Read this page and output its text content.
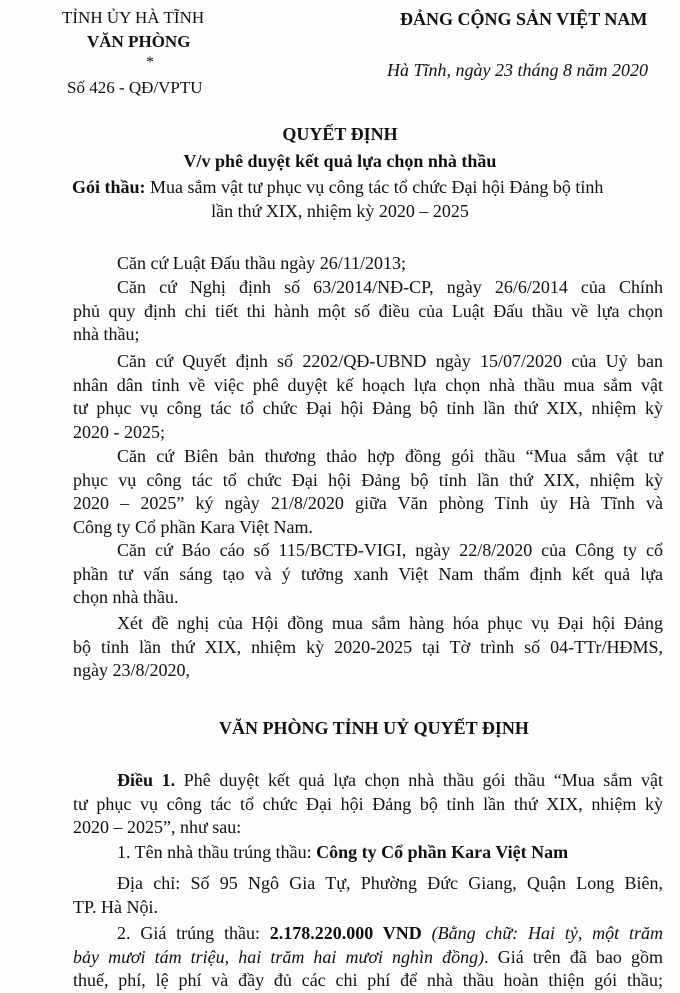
TỈNH ỦY HÀ TĨNH
VĂN PHÒNG
*
Số 426 - QĐ/VPTU
ĐẢNG CỘNG SẢN VIỆT NAM
Hà Tĩnh, ngày 23 tháng 8 năm 2020
QUYẾT ĐỊNH
V/v phê duyệt kết quả lựa chọn nhà thầu
Gói thầu: Mua sắm vật tư phục vụ công tác tổ chức Đại hội Đảng bộ tỉnh
lần thứ XIX, nhiệm kỳ 2020 – 2025
Căn cứ Luật Đấu thầu ngày 26/11/2013;
Căn cứ Nghị định số 63/2014/NĐ-CP, ngày 26/6/2014 của Chính
phủ quy định chi tiết thi hành một số điều của Luật Đấu thầu về lựa chọn
nhà thầu;
Căn cứ Quyết định số 2202/QĐ-UBND ngày 15/07/2020 của Uỷ ban
nhân dân tỉnh về việc phê duyệt kế hoạch lựa chọn nhà thầu mua sắm vật
tư phục vụ công tác tổ chức Đại hội Đảng bộ tỉnh lần thứ XIX, nhiệm kỳ
2020 - 2025;
Căn cứ Biên bản thương thảo hợp đồng gói thầu “Mua sắm vật tư
phục vụ công tác tổ chức Đại hội Đảng bộ tỉnh lần thứ XIX, nhiệm kỳ
2020 – 2025” ký ngày 21/8/2020 giữa Văn phòng Tỉnh ủy Hà Tĩnh và
Công ty Cổ phần Kara Việt Nam.
Căn cứ Báo cáo số 115/BCTĐ-VIGI, ngày 22/8/2020 của Công ty cổ
phần tư vấn sáng tạo và ý tưởng xanh Việt Nam thẩm định kết quả lựa
chọn nhà thầu.
Xét đề nghị của Hội đồng mua sắm hàng hóa phục vụ Đại hội Đảng
bộ tỉnh lần thứ XIX, nhiệm kỳ 2020-2025 tại Tờ trình số 04-TTr/HĐMS,
ngày 23/8/2020,
VĂN PHÒNG TỈNH UỶ QUYẾT ĐỊNH
Điều 1. Phê duyệt kết quả lựa chọn nhà thầu gói thầu “Mua sắm vật
tư phục vụ công tác tổ chức Đại hội Đảng bộ tỉnh lần thứ XIX, nhiệm kỳ
2020 – 2025”, như sau:
1. Tên nhà thầu trúng thầu: Công ty Cổ phần Kara Việt Nam
Địa chỉ: Số 95 Ngô Gia Tự, Phường Đức Giang, Quận Long Biên,
TP. Hà Nội.
2. Giá trúng thầu: 2.178.220.000 VND (Bằng chữ: Hai tỷ, một trăm
bảy mươi tám triệu, hai trăm hai mươi nghìn đồng). Giá trên đã bao gồm
thuế, phí, lệ phí và đầy đủ các chi phí để nhà thầu hoàn thiện gói thầu;
